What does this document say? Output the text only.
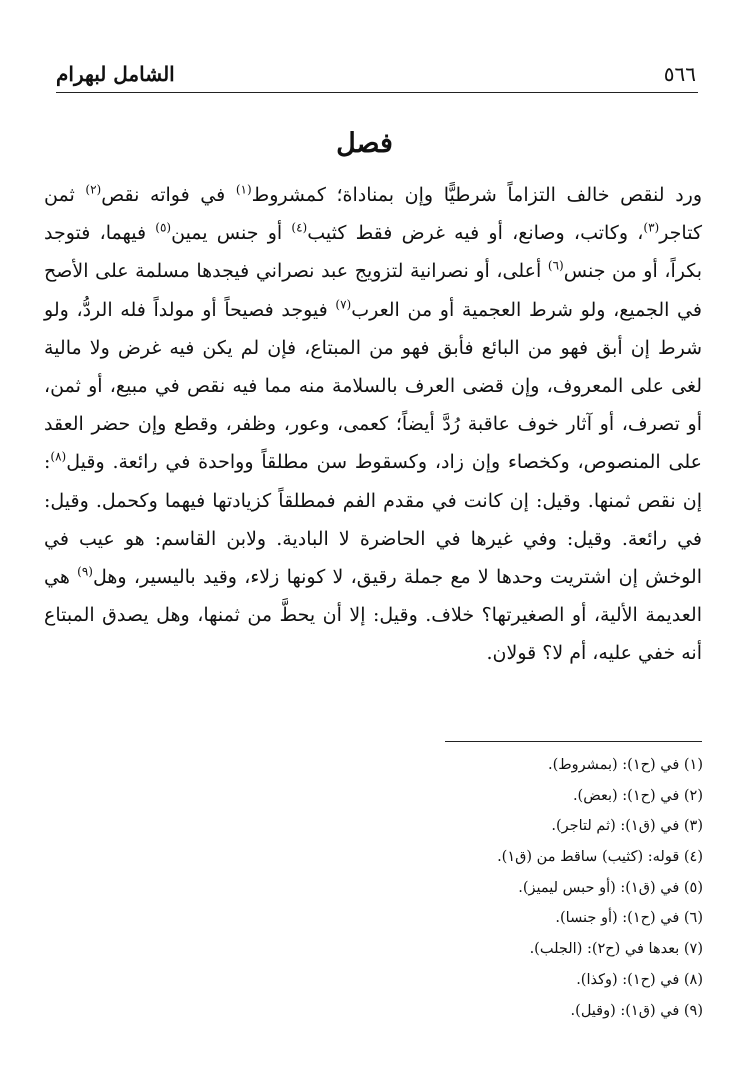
٥٦٦
الشامل لبهرام
فصل

ورد لنقص خالف التزاماً شرطيًّا وإن بمناداة؛ كمشروط$^{(١)}$ في فواته نقص$^{(٢)}$ ثمن كتاجر$^{(٣)}$، وكاتب، وصانع، أو فيه غرض فقط كثيب$^{(٤)}$ أو جنس يمين$^{(٥)}$ فيهما، فتوجد بكراً، أو من جنس$^{(٦)}$ أعلى، أو نصرانية لتزويج عبد نصراني فيجدها مسلمة على الأصح في الجميع، ولو شرط العجمية أو من العرب$^{(٧)}$ فيوجد فصيحاً أو مولداً فله الردُّ، ولو شرط إن أبق فهو من البائع فأبق فهو من المبتاع، فإن لم يكن فيه غرض ولا مالية لغى على المعروف، وإن قضى العرف بالسلامة منه مما فيه نقص في مبيع، أو ثمن، أو تصرف، أو آثار خوف عاقبة رُدَّ أيضاً؛ كعمى، وعور، وظفر، وقطع وإن حضر العقد على المنصوص، وكخصاء وإن زاد، وكسقوط سن مطلقاً وواحدة في رائعة. وقيل$^{(٨)}$: إن نقص ثمنها. وقيل: إن كانت في مقدم الفم فمطلقاً كزيادتها فيهما وكحمل. وقيل: في رائعة. وقيل: وفي غيرها في الحاضرة لا البادية. ولابن القاسم: هو عيب في الوخش إن اشتريت وحدها لا مع جملة رقيق، لا كونها زلاء، وقيد باليسير، وهل$^{(٩)}$ هي العديمة الألية، أو الصغيرتها؟ خلاف. وقيل: إلا أن يحطَّ من ثمنها، وهل يصدق المبتاع أنه خفي عليه، أم لا؟ قولان.

(١) في (ح١): (بمشروط).
(٢) في (ح١): (بعض).
(٣) في (ق١): (ثم لتاجر).
(٤) قوله: (كثيب) ساقط من (ق١).
(٥) في (ق١): (أو حبس ليميز).
(٦) في (ح١): (أو جنسا).
(٧) بعدها في (ح٢): (الجلب).
(٨) في (ح١): (وكذا).
(٩) في (ق١): (وقيل).
